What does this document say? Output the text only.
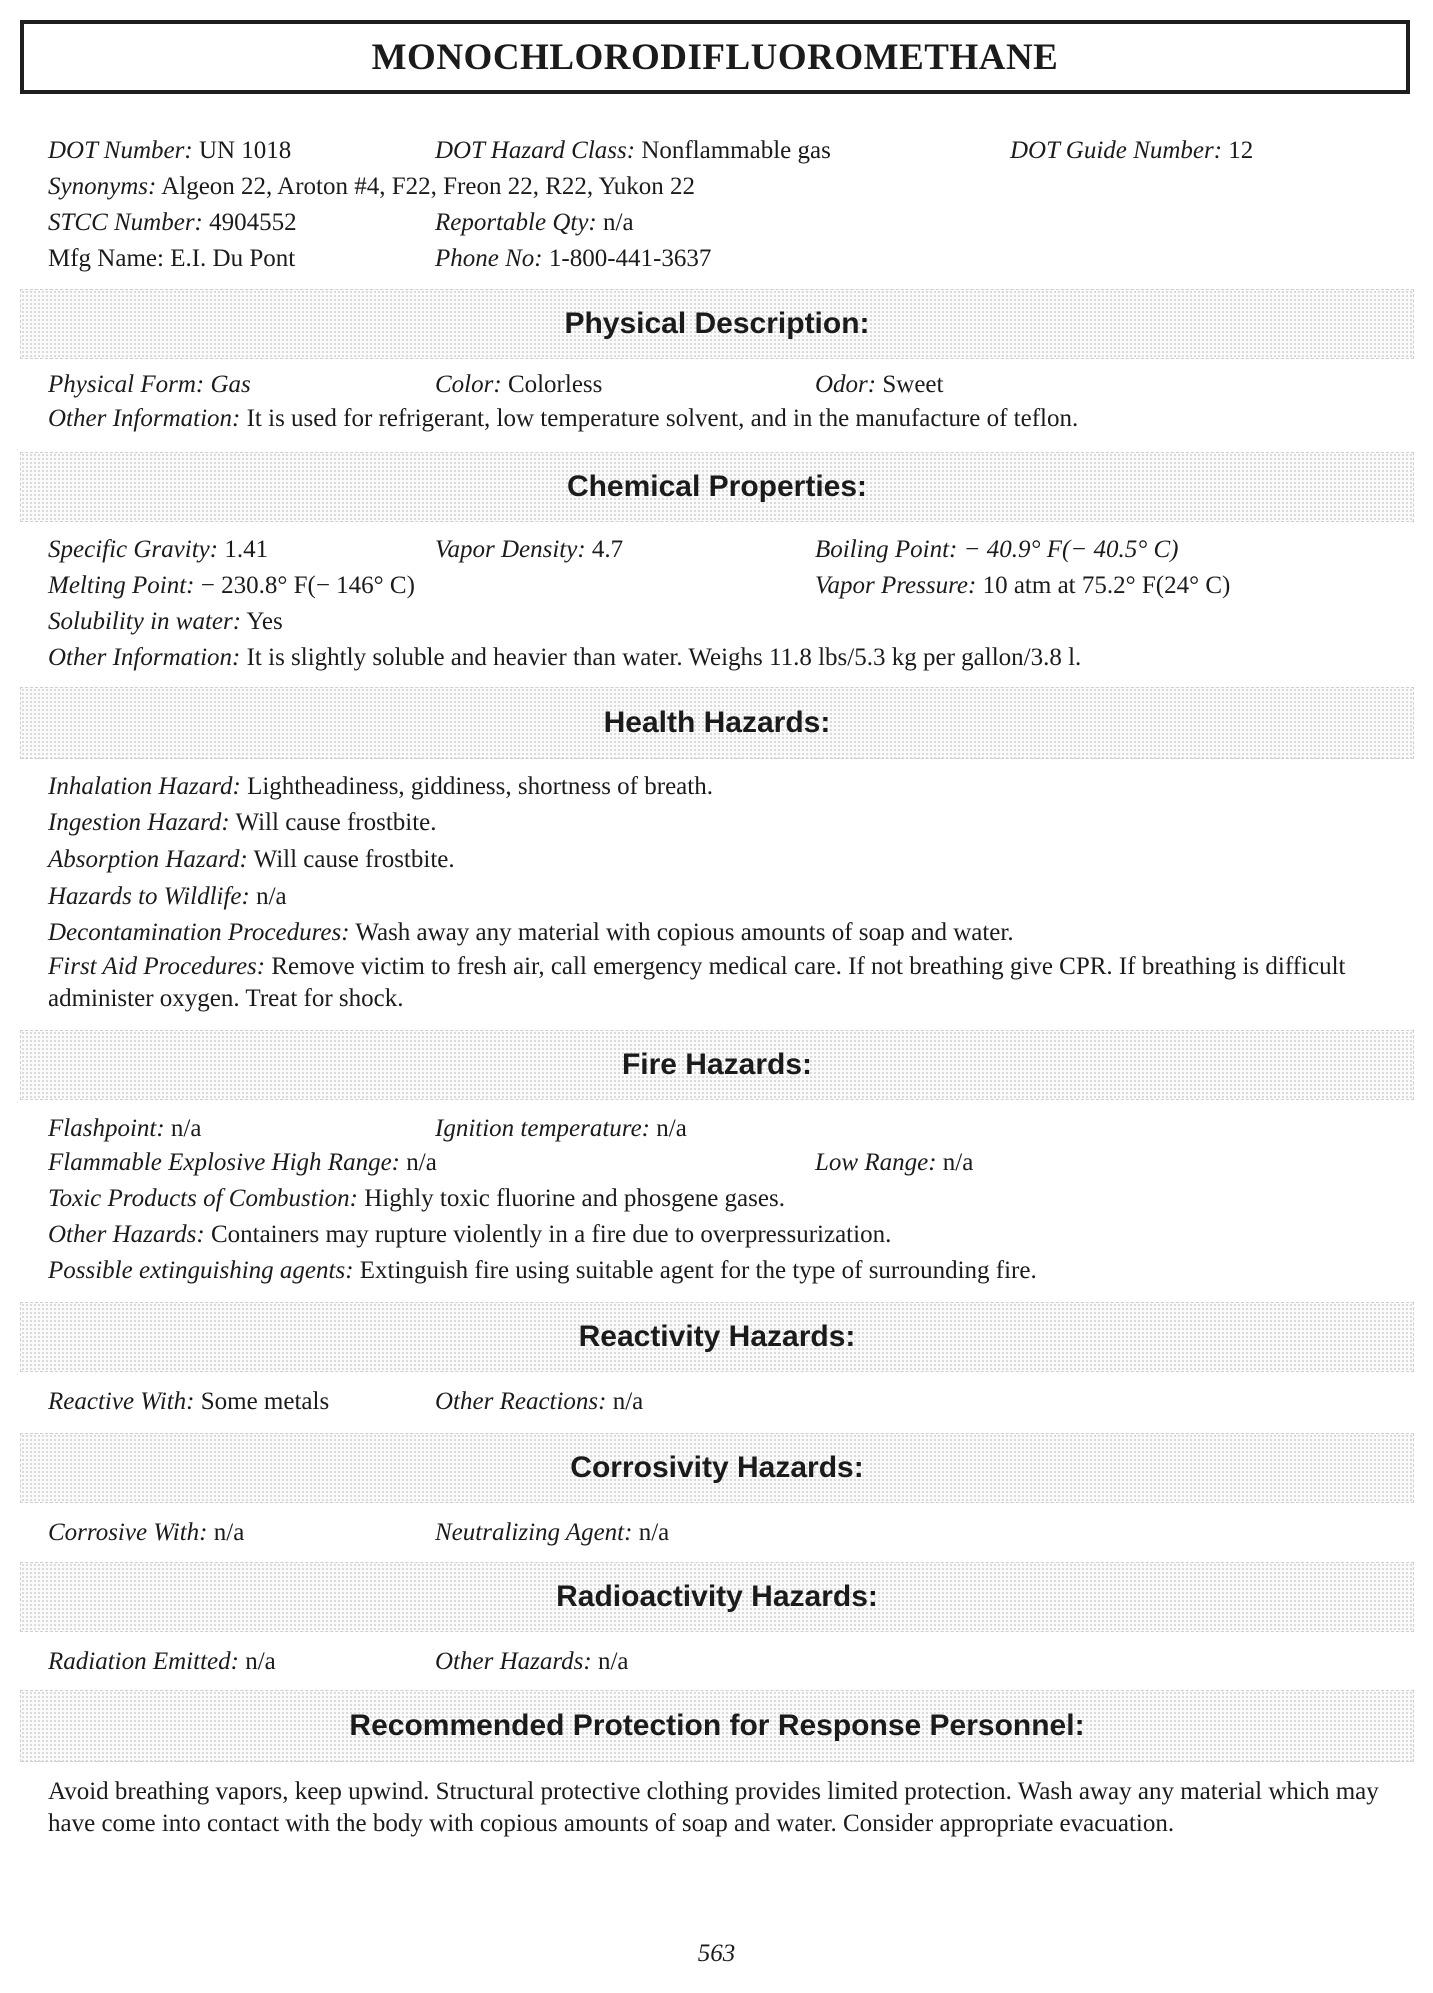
MONOCHLORODIFLUOROMETHANE
DOT Number: UN 1018	DOT Hazard Class: Nonflammable gas	DOT Guide Number: 12
Synonyms: Algeon 22, Aroton #4, F22, Freon 22, R22, Yukon 22
STCC Number: 4904552	Reportable Qty: n/a
Mfg Name: E.I. Du Pont	Phone No: 1-800-441-3637
Physical Description:
Physical Form: Gas	Color: Colorless	Odor: Sweet
Other Information: It is used for refrigerant, low temperature solvent, and in the manufacture of teflon.
Chemical Properties:
Specific Gravity: 1.41	Vapor Density: 4.7	Boiling Point: − 40.9° F(− 40.5° C)
Melting Point: − 230.8° F(− 146° C)	Vapor Pressure: 10 atm at 75.2° F(24° C)
Solubility in water: Yes
Other Information: It is slightly soluble and heavier than water. Weighs 11.8 lbs/5.3 kg per gallon/3.8 l.
Health Hazards:
Inhalation Hazard: Lightheadiness, giddiness, shortness of breath.
Ingestion Hazard: Will cause frostbite.
Absorption Hazard: Will cause frostbite.
Hazards to Wildlife: n/a
Decontamination Procedures: Wash away any material with copious amounts of soap and water.
First Aid Procedures: Remove victim to fresh air, call emergency medical care. If not breathing give CPR. If breathing is difficult administer oxygen. Treat for shock.
Fire Hazards:
Flashpoint: n/a	Ignition temperature: n/a
Flammable Explosive High Range: n/a	Low Range: n/a
Toxic Products of Combustion: Highly toxic fluorine and phosgene gases.
Other Hazards: Containers may rupture violently in a fire due to overpressurization.
Possible extinguishing agents: Extinguish fire using suitable agent for the type of surrounding fire.
Reactivity Hazards:
Reactive With: Some metals	Other Reactions: n/a
Corrosivity Hazards:
Corrosive With: n/a	Neutralizing Agent: n/a
Radioactivity Hazards:
Radiation Emitted: n/a	Other Hazards: n/a
Recommended Protection for Response Personnel:
Avoid breathing vapors, keep upwind. Structural protective clothing provides limited protection. Wash away any material which may have come into contact with the body with copious amounts of soap and water. Consider appropriate evacuation.
563
